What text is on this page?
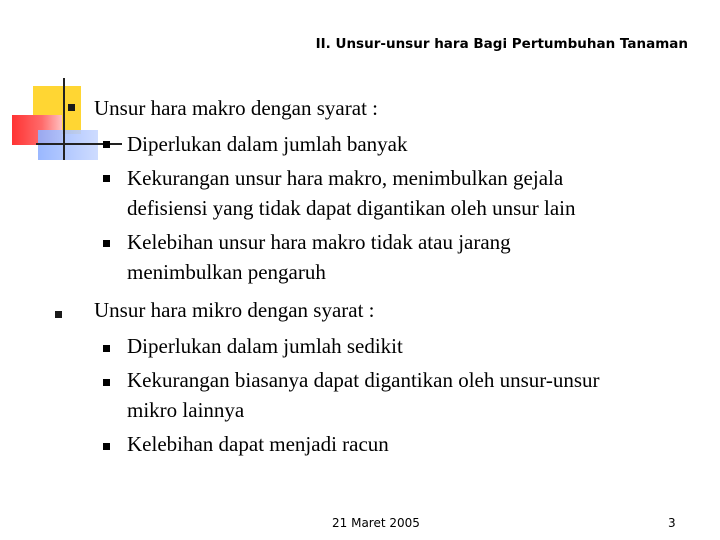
II. Unsur-unsur hara Bagi Pertumbuhan Tanaman
Unsur hara makro dengan syarat :
Diperlukan dalam jumlah banyak
Kekurangan unsur hara makro, menimbulkan gejala
defisiensi yang tidak dapat digantikan oleh unsur lain
Kelebihan unsur hara makro tidak atau jarang
menimbulkan pengaruh
Unsur hara mikro dengan syarat :
Diperlukan dalam jumlah sedikit
Kekurangan biasanya dapat digantikan oleh unsur-unsur
mikro lainnya
Kelebihan dapat menjadi racun
21 Maret 2005	3
